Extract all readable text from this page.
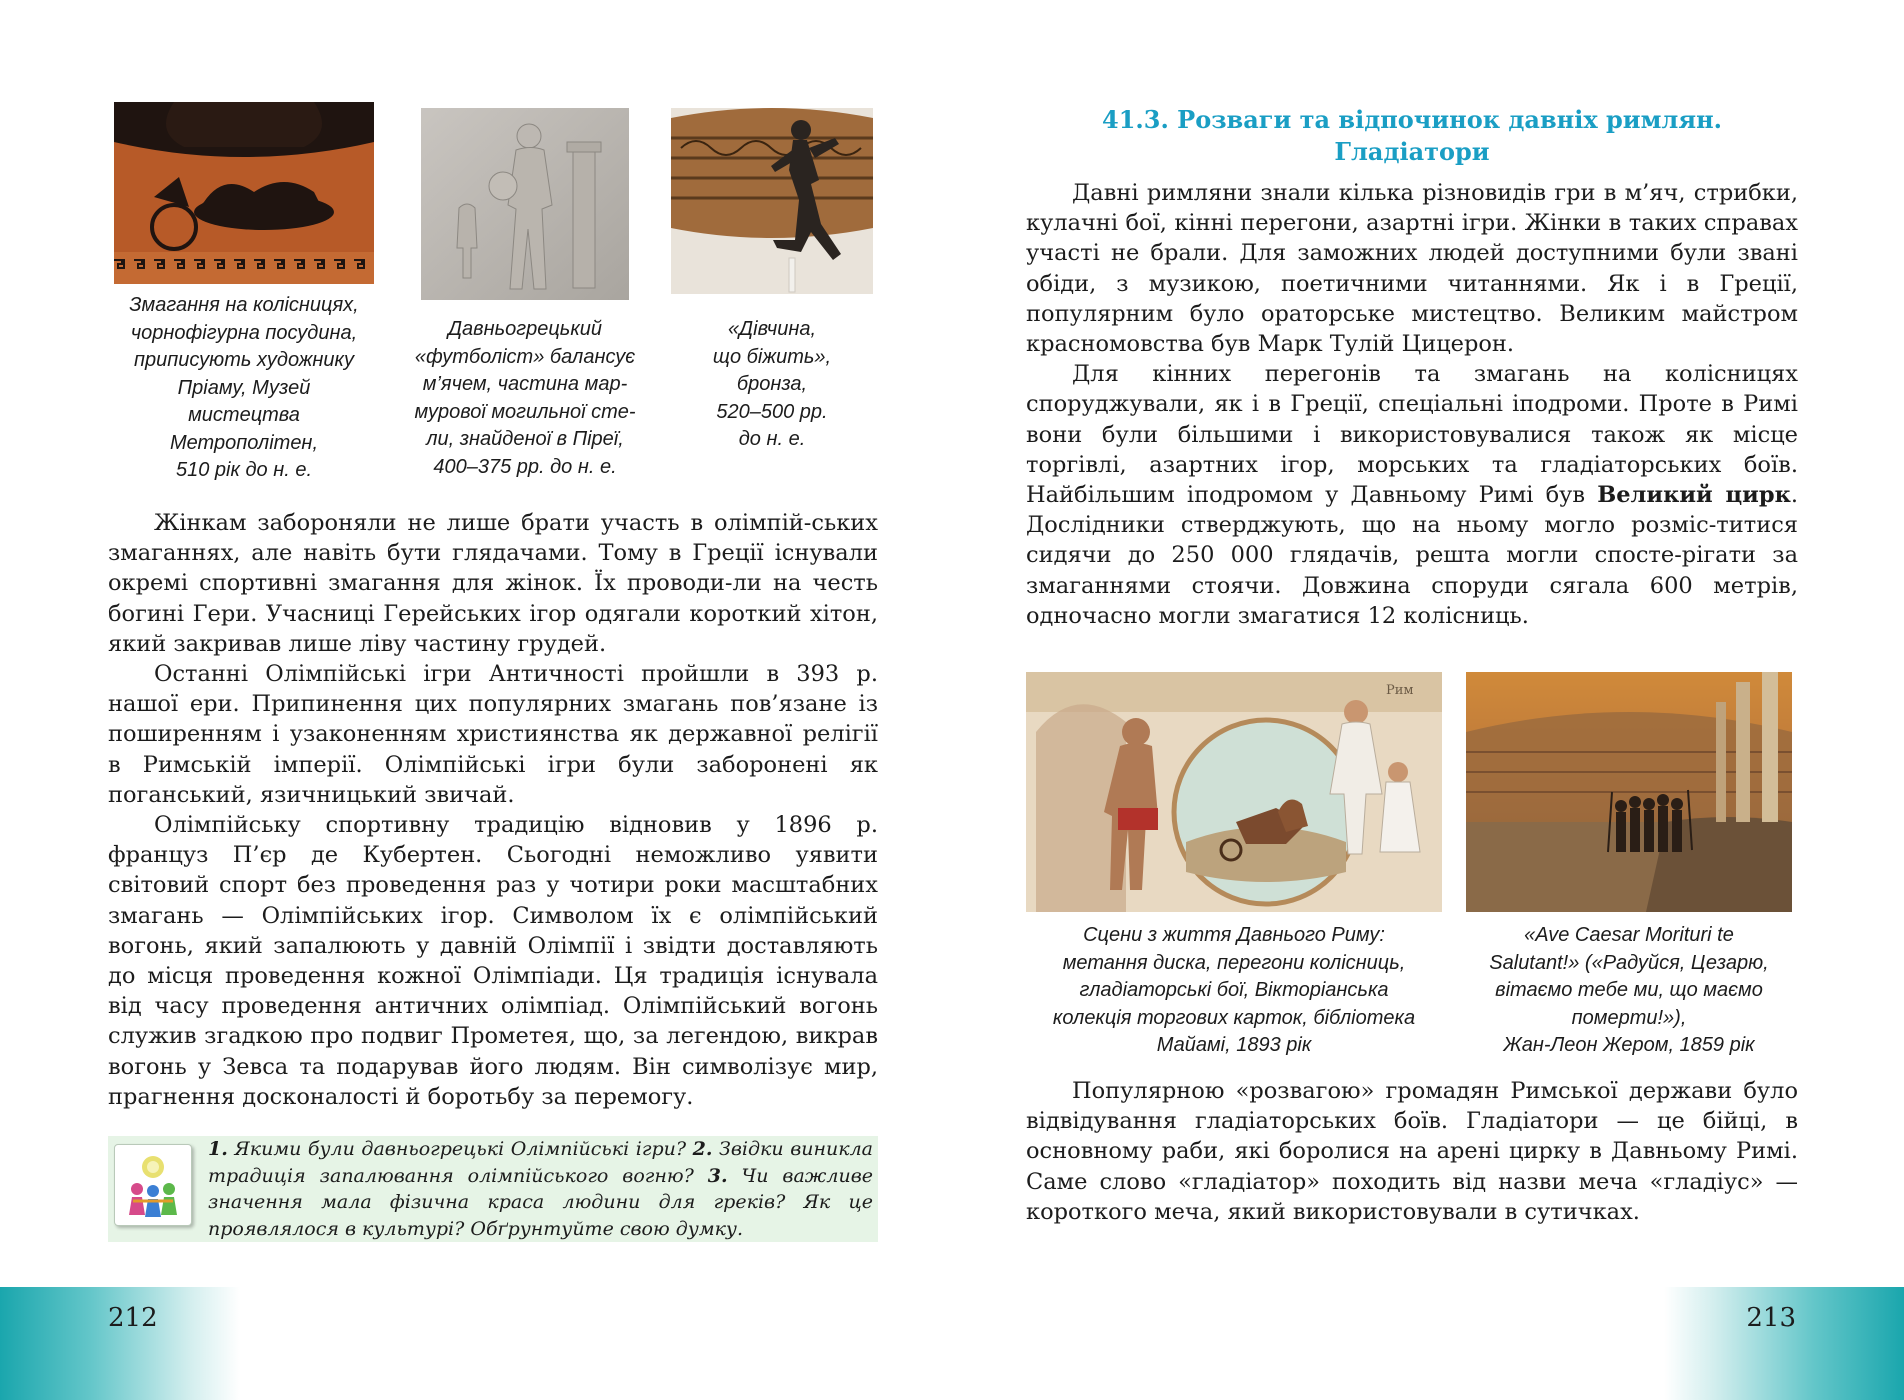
Змагання на колісницях,
чорнофігурна посудина,
приписують художнику
Пріаму, Музей
мистецтва
Метрополітен,
510 рік до н. е.
Давньогрецький
«футболіст» балансує
м’ячем, частина мар-
мурової могильної сте-
ли, знайденої в Піреї,
400–375 рр. до н. е.
«Дівчина,
що біжить»,
бронза,
520–500 рр.
до н. е.

Жінкам забороняли не лише брати участь в олімпій-ських змаганнях, але навіть бути глядачами. Тому в Греції існували окремі спортивні змагання для жінок. Їх проводи-ли на честь богині Гери. Учасниці Герейських ігор одягали короткий хітон, який закривав лише ліву частину грудей.

Останні Олімпійські ігри Античності пройшли в 393 р. нашої ери. Припинення цих популярних змагань пов’язане із поширенням і узаконенням християнства як державної релігії в Римській імперії. Олімпійські ігри були заборонені як поганський, язичницький звичай.

Олімпійську спортивну традицію відновив у 1896 р. француз П’єр де Кубертен. Сьогодні неможливо уявити світовий спорт без проведення раз у чотири роки масштабних змагань — Олімпійських ігор. Символом їх є олімпійський вогонь, який запалюють у давній Олімпії і звідти доставляють до місця проведення кожної Олімпіади. Ця традиція існувала від часу проведення античних олімпіад. Олімпійський вогонь служив згадкою про подвиг Прометея, що, за легендою, викрав вогонь у Зевса та подарував його людям. Він символізує мир, прагнення досконалості й боротьбу за перемогу.

1. Якими були давньогрецькі Олімпійські ігри? 2. Звідки виникла традиція запалювання олімпійського вогню? 3. Чи важливе значення мала фізична краса людини для греків? Як це проявлялося в культурі? Обґрунтуйте свою думку.
212
41.3. Розваги та відпочинок давніх римлян.
Гладіатори

Давні римляни знали кілька різновидів гри в м’яч, стрибки, кулачні бої, кінні перегони, азартні ігри. Жінки в таких справах участі не брали. Для заможних людей доступними були звані обіди, з музикою, поетичними читаннями. Як і в Греції, популярним було ораторське мистецтво. Великим майстром красномовства був Марк Тулій Цицерон.

Для кінних перегонів та змагань на колісницях споруджували, як і в Греції, спеціальні іподроми. Проте в Римі вони були більшими і використовувалися також як місце торгівлі, азартних ігор, морських та гладіаторських боїв. Найбільшим іподромом у Давньому Римі був Великий цирк. Дослідники стверджують, що на ньому могло розміс-титися сидячи до 250 000 глядачів, решта могли спосте-рігати за змаганнями стоячи. Довжина споруди сягала 600 метрів, одночасно могли змагатися 12 колісниць.

Рим
Сцени з життя Давнього Риму:
метання диска, перегони колісниць,
гладіаторські бої, Вікторіанська
колекція торгових карток, бібліотека
Майамі, 1893 рік
«Ave Caesar Morituri te
Salutant!» («Радуйся, Цезарю,
вітаємо тебе ми, що маємо
померти!»),
Жан-Леон Жером, 1859 рік

Популярною «розвагою» громадян Римської держави було відвідування гладіаторських боїв. Гладіатори — це бійці, в основному раби, які боролися на арені цирку в Давньому Римі. Саме слово «гладіатор» походить від назви меча «гладіус» — короткого меча, який використовували в сутичках.

213
